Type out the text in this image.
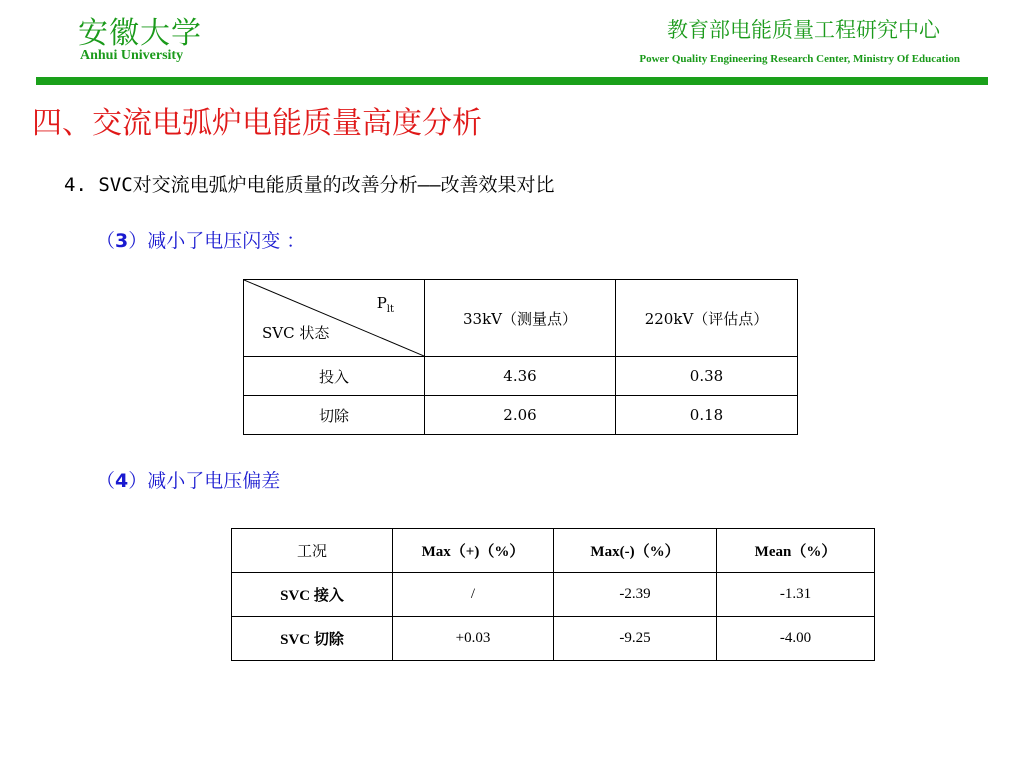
安徽大学
Anhui University
教育部电能质量工程研究中心
Power Quality Engineering Research Center, Ministry Of Education
四、交流电弧炉电能质量高度分析
4. SVC对交流电弧炉电能质量的改善分析——改善效果对比
（3）减小了电压闪变 ：
$P_{lt}$
SVC 状态	33kV（测量点）	220kV（评估点）
投入	4.36	0.38
切除	2.06	0.18
（4）减小了电压偏差
工况	Max（+)（%）	Max(-)（%）	Mean（%）
SVC 接入	/	-2.39	-1.31
SVC 切除	+0.03	-9.25	-4.00
